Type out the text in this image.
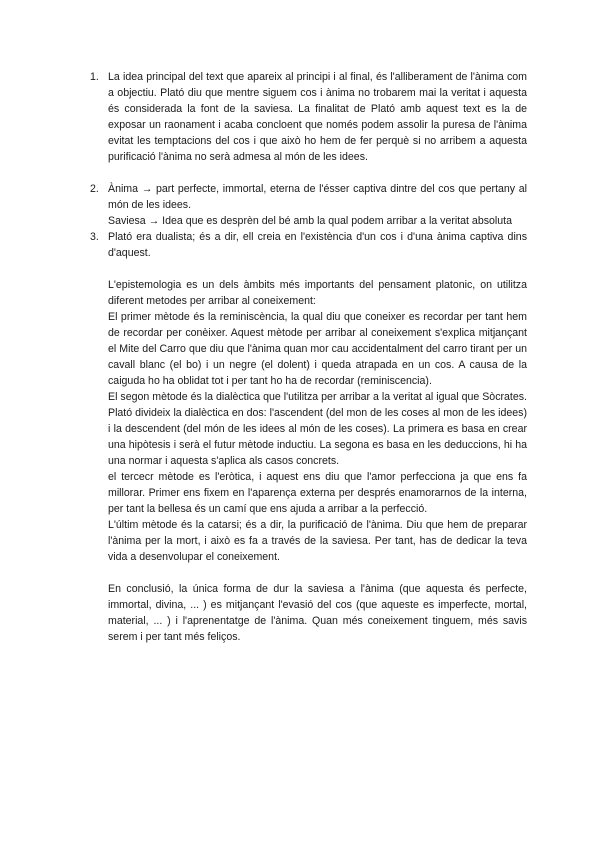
1. La idea principal del text que apareix al principi i al final, és l'alliberament de l'ànima com a objectiu. Plató diu que mentre siguem cos i ànima no trobarem mai la veritat i aquesta és considerada la font de la saviesa. La finalitat de Plató amb aquest text es la de exposar un raonament i acaba concloent que només podem assolir la puresa de l'ànima evitat les temptacions del cos i que això ho hem de fer perquè si no arribem a aquesta purificació l'ànima no serà admesa al món de les idees.

2. Ànima → part perfecte, immortal, eterna de l'ésser captiva dintre del cos que pertany al món de les idees.

Saviesa → Idea que es desprèn del bé amb la qual podem arribar a la veritat absoluta

3. Plató era dualista; és a dir, ell creia en l'existència d'un cos i d'una ànima captiva dins d'aquest.

L'epistemologia es un dels àmbits més importants del pensament platonic, on utilitza diferent metodes per arribar al coneixement:

El primer mètode és la reminiscència, la qual diu que coneixer es recordar per tant hem de recordar per conèixer. Aquest mètode per arribar al coneixement s'explica mitjançant el Mite del Carro que diu que l'ànima quan mor cau accidentalment del carro tirant per un cavall blanc (el bo) i un negre (el dolent) i queda atrapada en un cos. A causa de la caiguda ho ha oblidat tot i per tant ho ha de recordar (reminiscencia).

El segon mètode és la dialèctica que l'utilitza per arribar a la veritat al igual que Sòcrates. Plató divideix la dialèctica en dos: l'ascendent (del mon de les coses al mon de les idees) i la descendent (del món de les idees al món de les coses). La primera es basa en crear una hipòtesis i serà el futur mètode inductiu. La segona es basa en les deduccions, hi ha una normar i aquesta s'aplica als casos concrets.

el tercecr mètode es l'eròtica, i aquest ens diu que l'amor perfecciona ja que ens fa millorar. Primer ens fixem en l'aparença externa per després enamorarnos de la interna, per tant la bellesa és un camí que ens ajuda a arribar a la perfecció.

L'últim mètode és la catarsi; és a dir, la purificació de l'ànima. Diu que hem de preparar l'ànima per la mort, i això es fa a través de la saviesa. Per tant, has de dedicar la teva vida a desenvolupar el coneixement.

En conclusió, la única forma de dur la saviesa a l'ànima (que aquesta és perfecte, immortal, divina, ... ) es mitjançant l'evasió del cos (que aqueste es imperfecte, mortal, material, ... ) i l'aprenentatge de l'ànima. Quan més coneixement tinguem, més savis serem i per tant més feliços.
